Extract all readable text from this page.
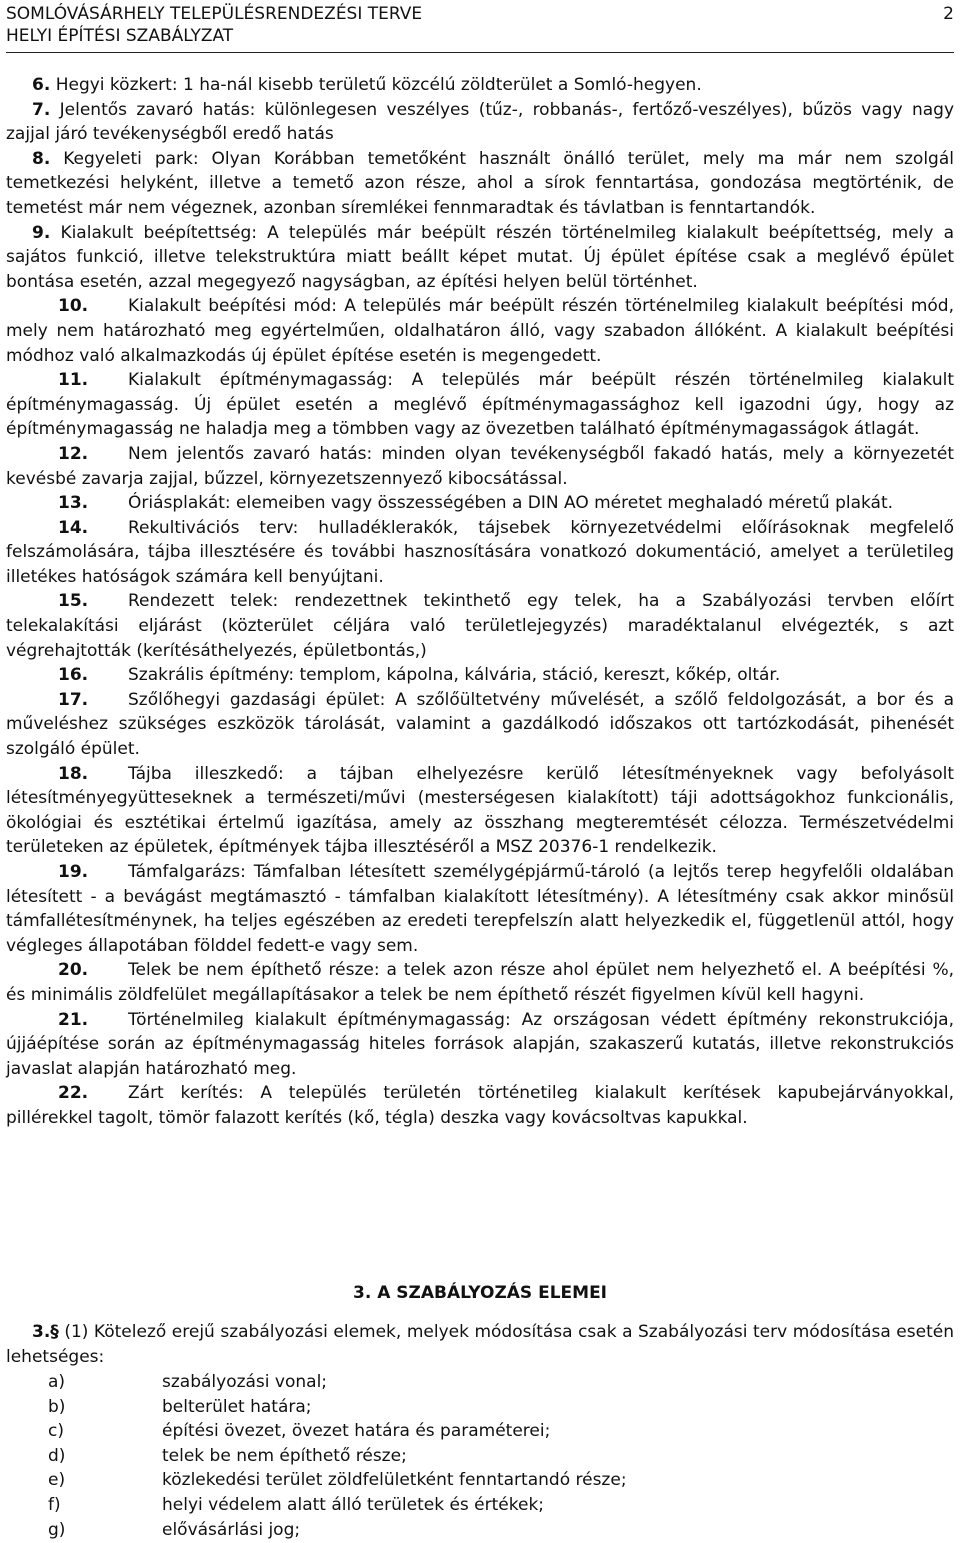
SOMLÓVÁSÁRHELY TELEPÜLÉSRENDEZÉSI TERVE	2
HELYI ÉPÍTÉSI SZABÁLYZAT

6. Hegyi közkert: 1 ha-nál kisebb területű közcélú zöldterület a Somló-hegyen.

7. Jelentős zavaró hatás: különlegesen veszélyes (tűz-, robbanás-, fertőző-veszélyes), bűzös vagy nagy zajjal járó tevékenységből eredő hatás

8. Kegyeleti park: Olyan Korábban temetőként használt önálló terület, mely ma már nem szolgál temetkezési helyként, illetve a temető azon része, ahol a sírok fenntartása, gondozása megtörténik, de temetést már nem végeznek, azonban síremlékei fennmaradtak és távlatban is fenntartandók.

9. Kialakult beépítettség: A település már beépült részén történelmileg kialakult beépítettség, mely a sajátos funkció, illetve telekstruktúra miatt beállt képet mutat. Új épület építése csak a meglévő épület bontása esetén, azzal megegyező nagyságban, az építési helyen belül történhet.

10. Kialakult beépítési mód: A település már beépült részén történelmileg kialakult beépítési mód, mely nem határozható meg egyértelműen, oldalhatáron álló, vagy szabadon állóként. A kialakult beépítési módhoz való alkalmazkodás új épület építése esetén is megengedett.

11. Kialakult építménymagasság: A település már beépült részén történelmileg kialakult építménymagasság. Új épület esetén a meglévő építménymagassághoz kell igazodni úgy, hogy az építménymagasság ne haladja meg a tömbben vagy az övezetben található építménymagasságok átlagát.

12. Nem jelentős zavaró hatás: minden olyan tevékenységből fakadó hatás, mely a környezetét kevésbé zavarja zajjal, bűzzel, környezetszennyező kibocsátással.

13. Óriásplakát: elemeiben vagy összességében a DIN AO méretet meghaladó méretű plakát.

14. Rekultivációs terv: hulladéklerakók, tájsebek környezetvédelmi előírásoknak megfelelő felszámolására, tájba illesztésére és további hasznosítására vonatkozó dokumentáció, amelyet a területileg illetékes hatóságok számára kell benyújtani.

15. Rendezett telek: rendezettnek tekinthető egy telek, ha a Szabályozási tervben előírt telekalakítási eljárást (közterület céljára való területlejegyzés) maradéktalanul elvégezték, s azt végrehajtották (kerítésáthelyezés, épületbontás,)

16. Szakrális építmény: templom, kápolna, kálvária, stáció, kereszt, kőkép, oltár.

17. Szőlőhegyi gazdasági épület: A szőlőültetvény művelését, a szőlő feldolgozását, a bor és a műveléshez szükséges eszközök tárolását, valamint a gazdálkodó időszakos ott tartózkodását, pihenését szolgáló épület.

18. Tájba illeszkedő: a tájban elhelyezésre kerülő létesítményeknek vagy befolyásolt létesítményegyütteseknek a természeti/művi (mesterségesen kialakított) táji adottságokhoz funkcionális, ökológiai és esztétikai értelmű igazítása, amely az összhang megteremtését célozza. Természetvédelmi területeken az épületek, építmények tájba illesztéséről a MSZ 20376-1 rendelkezik.

19. Támfalgarázs: Támfalban létesített személygépjármű-tároló (a lejtős terep hegyfelőli oldalában létesített - a bevágást megtámasztó - támfalban kialakított létesítmény). A létesítmény csak akkor minősül támfallétesítménynek, ha teljes egészében az eredeti terepfelszín alatt helyezkedik el, függetlenül attól, hogy végleges állapotában földdel fedett-e vagy sem.

20. Telek be nem építhető része: a telek azon része ahol épület nem helyezhető el. A beépítési %, és minimális zöldfelület megállapításakor a telek be nem építhető részét figyelmen kívül kell hagyni.

21. Történelmileg kialakult építménymagasság: Az országosan védett építmény rekonstrukciója, újjáépítése során az építménymagasság hiteles források alapján, szakaszerű kutatás, illetve rekonstrukciós javaslat alapján határozható meg.

22. Zárt kerítés: A település területén történetileg kialakult kerítések kapubejárványokkal, pillérekkel tagolt, tömör falazott kerítés (kő, tégla) deszka vagy kovácsoltvas kapukkal.

3. A SZABÁLYOZÁS ELEMEI

3.§ (1) Kötelező erejű szabályozási elemek, melyek módosítása csak a Szabályozási terv módosítása esetén lehetséges:

a)	szabályozási vonal;
b)	belterület határa;
c)	építési övezet, övezet határa és paraméterei;
d)	telek be nem építhető része;
e)	közlekedési terület zöldfelületként fenntartandó része;
f)	helyi védelem alatt álló területek és értékek;
g)	elővásárlási jog;
